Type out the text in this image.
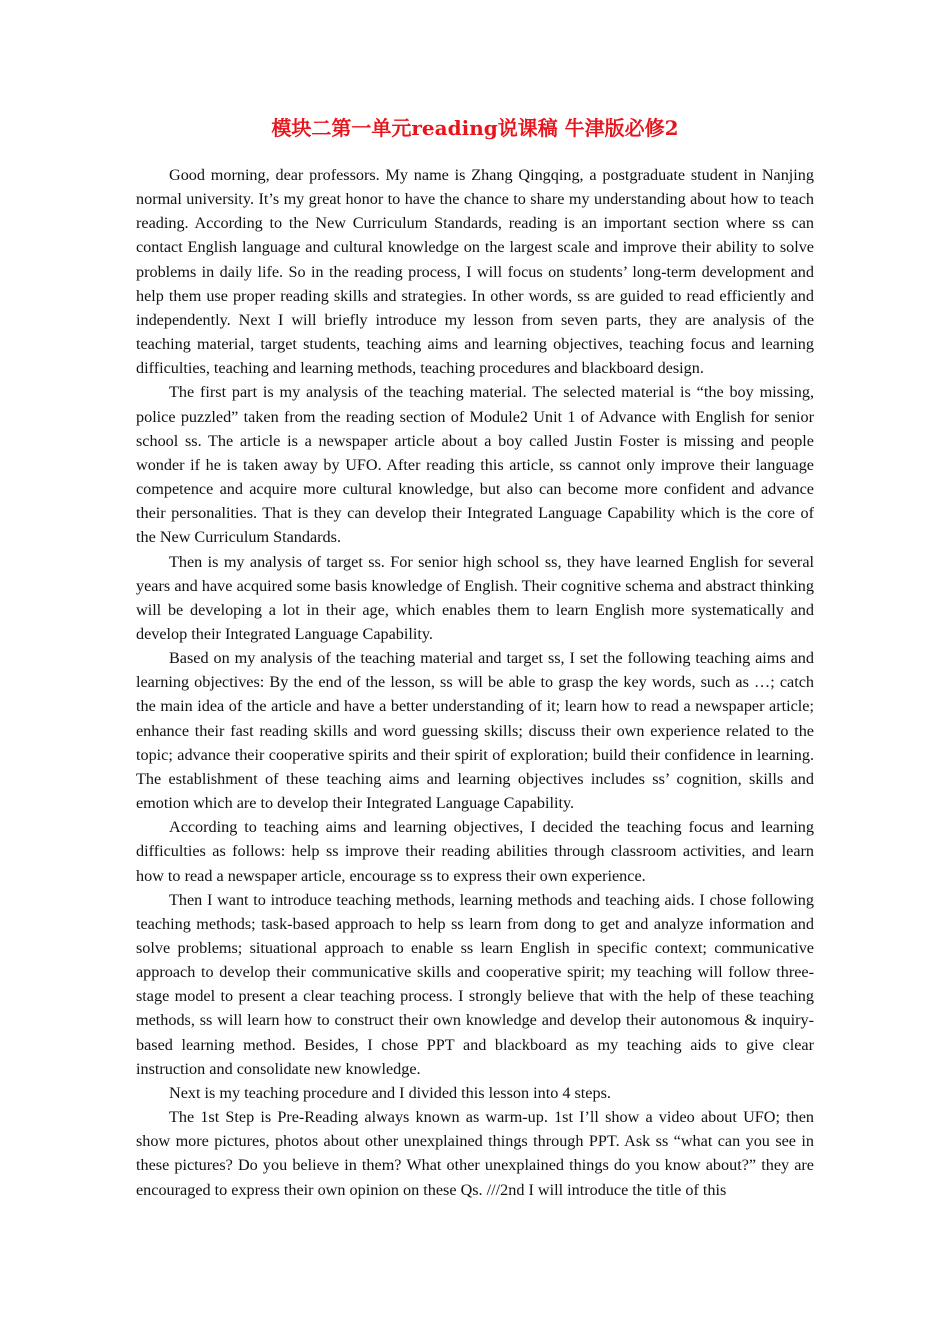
模块二第一单元reading说课稿 牛津版必修2

Good morning, dear professors. My name is Zhang Qingqing, a postgraduate student in Nanjing normal university. It’s my great honor to have the chance to share my understanding about how to teach reading. According to the New Curriculum Standards, reading is an important section where ss can contact English language and cultural knowledge on the largest scale and improve their ability to solve problems in daily life. So in the reading process, I will focus on students’ long-term development and help them use proper reading skills and strategies. In other words, ss are guided to read efficiently and independently. Next I will briefly introduce my lesson from seven parts, they are analysis of the teaching material, target students, teaching aims and learning objectives, teaching focus and learning difficulties, teaching and learning methods, teaching procedures and blackboard design.

The first part is my analysis of the teaching material. The selected material is “the boy missing, police puzzled” taken from the reading section of Module2 Unit 1 of Advance with English for senior school ss. The article is a newspaper article about a boy called Justin Foster is missing and people wonder if he is taken away by UFO. After reading this article, ss cannot only improve their language competence and acquire more cultural knowledge, but also can become more confident and advance their personalities. That is they can develop their Integrated Language Capability which is the core of the New Curriculum Standards.

Then is my analysis of target ss. For senior high school ss, they have learned English for several years and have acquired some basis knowledge of English. Their cognitive schema and abstract thinking will be developing a lot in their age, which enables them to learn English more systematically and develop their Integrated Language Capability.

Based on my analysis of the teaching material and target ss, I set the following teaching aims and learning objectives: By the end of the lesson, ss will be able to grasp the key words, such as …; catch the main idea of the article and have a better understanding of it; learn how to read a newspaper article; enhance their fast reading skills and word guessing skills; discuss their own experience related to the topic; advance their cooperative spirits and their spirit of exploration; build their confidence in learning. The establishment of these teaching aims and learning objectives includes ss’ cognition, skills and emotion which are to develop their Integrated Language Capability.

According to teaching aims and learning objectives, I decided the teaching focus and learning difficulties as follows: help ss improve their reading abilities through classroom activities, and learn how to read a newspaper article, encourage ss to express their own experience.

Then I want to introduce teaching methods, learning methods and teaching aids. I chose following teaching methods; task-based approach to help ss learn from dong to get and analyze information and solve problems; situational approach to enable ss learn English in specific context; communicative approach to develop their communicative skills and cooperative spirit; my teaching will follow three-stage model to present a clear teaching process. I strongly believe that with the help of these teaching methods, ss will learn how to construct their own knowledge and develop their autonomous & inquiry-based learning method. Besides, I chose PPT and blackboard as my teaching aids to give clear instruction and consolidate new knowledge.

Next is my teaching procedure and I divided this lesson into 4 steps.

The 1st Step is Pre-Reading always known as warm-up. 1st I’ll show a video about UFO; then show more pictures, photos about other unexplained things through PPT. Ask ss “what can you see in these pictures? Do you believe in them? What other unexplained things do you know about?” they are encouraged to express their own opinion on these Qs. ///2nd I will introduce the title of this
